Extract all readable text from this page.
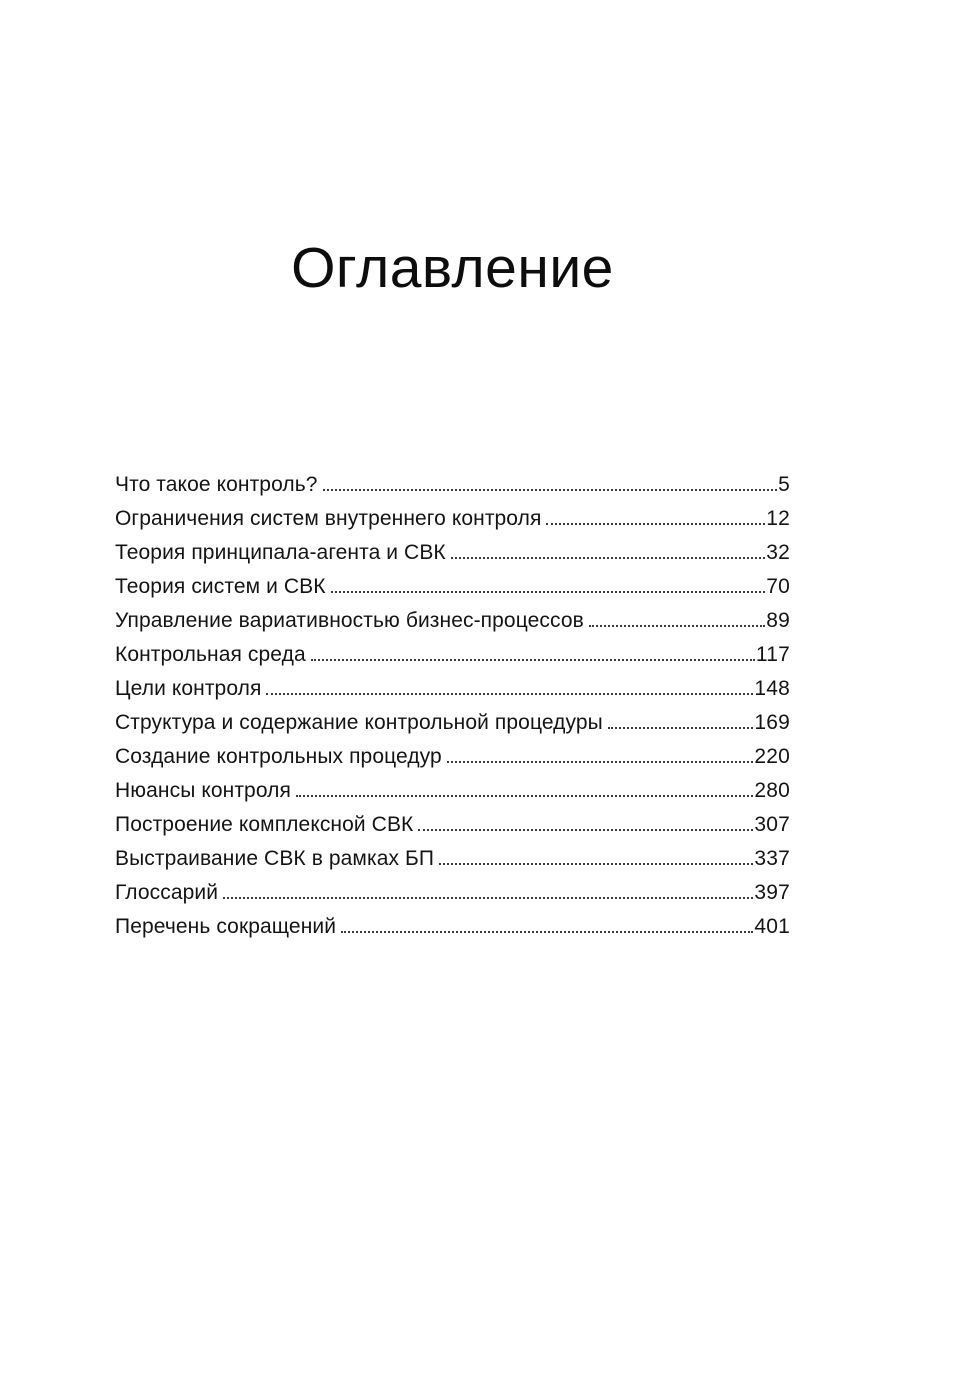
Оглавление
Что такое контроль?	5
Ограничения систем внутреннего контроля	12
Теория принципала-агента и СВК	32
Теория систем и СВК	70
Управление вариативностью бизнес-процессов	89
Контрольная среда	117
Цели контроля	148
Структура и содержание контрольной процедуры	169
Создание контрольных процедур	220
Нюансы контроля	280
Построение комплексной СВК	307
Выстраивание СВК в рамках БП	337
Глоссарий	397
Перечень сокращений	401
